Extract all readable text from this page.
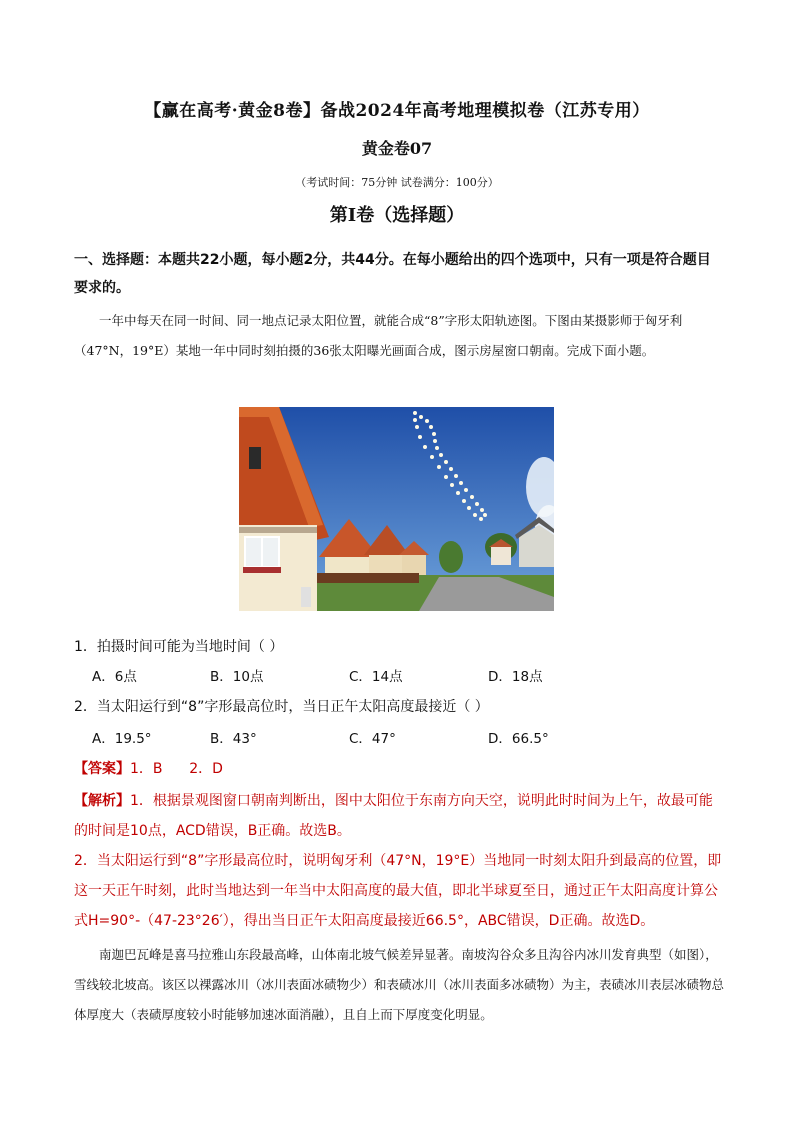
【赢在高考·黄金8卷】备战2024年高考地理模拟卷（江苏专用）
黄金卷07
（考试时间：75分钟 试卷满分：100分）
第I卷（选择题）
一、选择题：本题共22小题，每小题2分，共44分。在每小题给出的四个选项中，只有一项是符合题目要求的。
一年中每天在同一时间、同一地点记录太阳位置，就能合成“8”字形太阳轨迹图。下图由某摄影师于匈牙利（47°N，19°E）某地一年中同时刻拍摄的36张太阳曝光画面合成，图示房屋窗口朝南。完成下面小题。
1．拍摄时间可能为当地时间（ ）
A．6点	B．10点	C．14点	D．18点
2．当太阳运行到“8”字形最高位时，当日正午太阳高度最接近（ ）
A．19.5°	B．43°	C．47°	D．66.5°
【答案】1．B      2．D
【解析】1．根据景观图窗口朝南判断出，图中太阳位于东南方向天空，说明此时时间为上午，故最可能的时间是10点，ACD错误，B正确。故选B。
2．当太阳运行到“8”字形最高位时，说明匈牙利（47°N，19°E）当地同一时刻太阳升到最高的位置，即这一天正午时刻，此时当地达到一年当中太阳高度的最大值，即北半球夏至日，通过正午太阳高度计算公式H=90°-（47-23°26′），得出当日正午太阳高度最接近66.5°，ABC错误，D正确。故选D。
南迦巴瓦峰是喜马拉雅山东段最高峰，山体南北坡气候差异显著。南坡沟谷众多且沟谷内冰川发育典型（如图），雪线较北坡高。该区以裸露冰川（冰川表面冰碛物少）和表碛冰川（冰川表面多冰碛物）为主，表碛冰川表层冰碛物总体厚度大（表碛厚度较小时能够加速冰面消融），且自上而下厚度变化明显。
